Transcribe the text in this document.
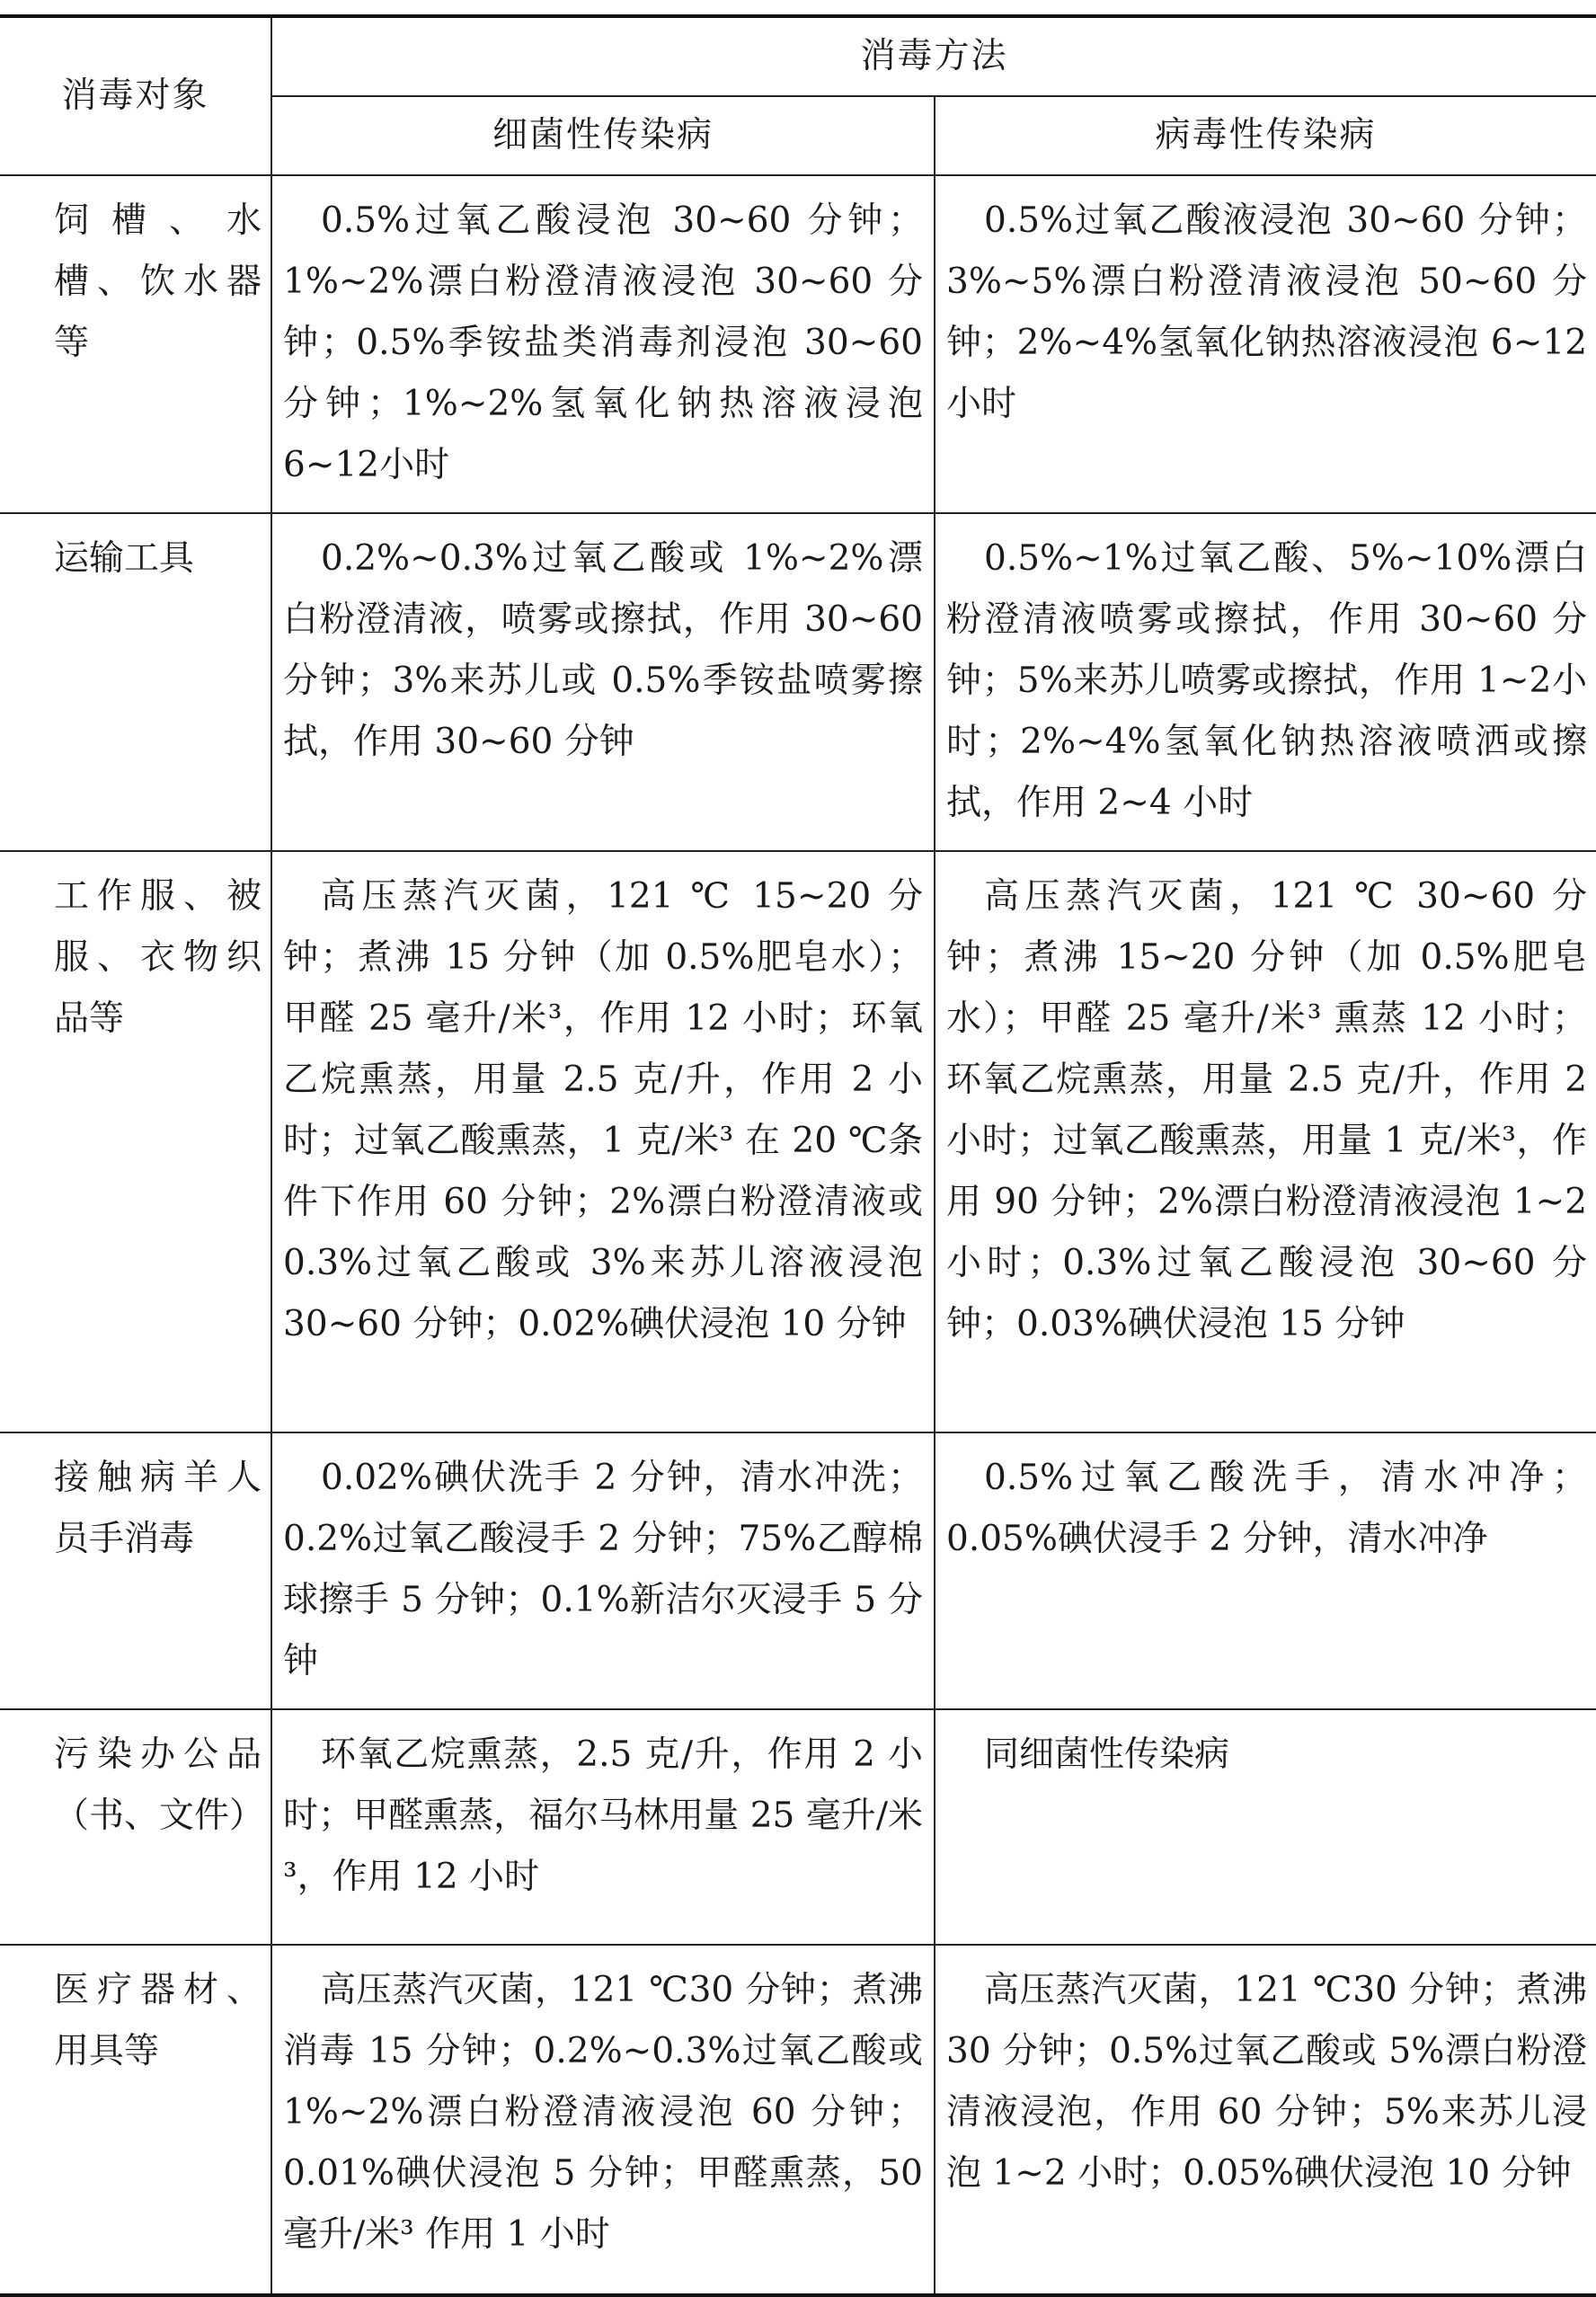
消毒对象	消毒方法	
	细菌性传染病	病毒性传染病
饲槽、水槽、饮水器等	0.5%过氧乙酸浸泡 30~60 分钟；1%~2%漂白粉澄清液浸泡 30~60 分钟；0.5%季铵盐类消毒剂浸泡 30~60 分钟；1%~2%氢氧化钠热溶液浸泡 6~12小时	0.5%过氧乙酸液浸泡 30~60 分钟；3%~5%漂白粉澄清液浸泡 50~60 分钟；2%~4%氢氧化钠热溶液浸泡 6~12 小时
运输工具	0.2%~0.3%过氧乙酸或 1%~2%漂白粉澄清液，喷雾或擦拭，作用 30~60 分钟；3%来苏儿或 0.5%季铵盐喷雾擦拭，作用 30~60 分钟	0.5%~1%过氧乙酸、5%~10%漂白粉澄清液喷雾或擦拭，作用 30~60 分钟；5%来苏儿喷雾或擦拭，作用 1~2小时；2%~4%氢氧化钠热溶液喷洒或擦拭，作用 2~4 小时
工作服、被服、衣物织品等	高压蒸汽灭菌，121 ℃ 15~20 分钟；煮沸 15 分钟（加 0.5%肥皂水）；甲醛 25 毫升/米³，作用 12 小时；环氧乙烷熏蒸，用量 2.5 克/升，作用 2 小时；过氧乙酸熏蒸，1 克/米³ 在 20 ℃条件下作用 60 分钟；2%漂白粉澄清液或 0.3%过氧乙酸或 3%来苏儿溶液浸泡 30~60 分钟；0.02%碘伏浸泡 10 分钟	高压蒸汽灭菌，121 ℃ 30~60 分钟；煮沸 15~20 分钟（加 0.5%肥皂水）；甲醛 25 毫升/米³ 熏蒸 12 小时；环氧乙烷熏蒸，用量 2.5 克/升，作用 2 小时；过氧乙酸熏蒸，用量 1 克/米³，作用 90 分钟；2%漂白粉澄清液浸泡 1~2 小时；0.3%过氧乙酸浸泡 30~60 分钟；0.03%碘伏浸泡 15 分钟
接触病羊人员手消毒	0.02%碘伏洗手 2 分钟，清水冲洗；0.2%过氧乙酸浸手 2 分钟；75%乙醇棉球擦手 5 分钟；0.1%新洁尔灭浸手 5 分钟	0.5%过氧乙酸洗手，清水冲净；0.05%碘伏浸手 2 分钟，清水冲净
污染办公品（书、文件）	环氧乙烷熏蒸，2.5 克/升，作用 2 小时；甲醛熏蒸，福尔马林用量 25 毫升/米³，作用 12 小时	同细菌性传染病
医疗器材、用具等	高压蒸汽灭菌，121 ℃30 分钟；煮沸消毒 15 分钟；0.2%~0.3%过氧乙酸或 1%~2%漂白粉澄清液浸泡 60 分钟；0.01%碘伏浸泡 5 分钟；甲醛熏蒸，50 毫升/米³ 作用 1 小时	高压蒸汽灭菌，121 ℃30 分钟；煮沸 30 分钟；0.5%过氧乙酸或 5%漂白粉澄清液浸泡，作用 60 分钟；5%来苏儿浸泡 1~2 小时；0.05%碘伏浸泡 10 分钟
